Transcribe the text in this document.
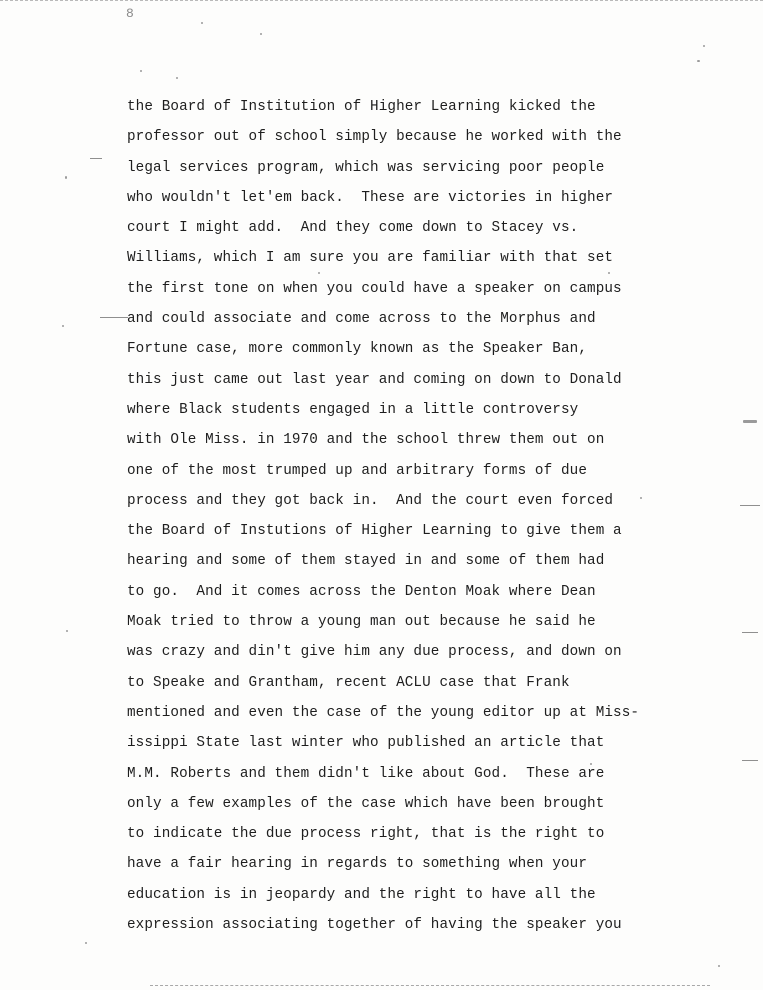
8
the Board of Institution of Higher Learning kicked the
professor out of school simply because he worked with the
legal services program, which was servicing poor people
who wouldn't let'em back.  These are victories in higher
court I might add.  And they come down to Stacey vs.
Williams, which I am sure you are familiar with that set
the first tone on when you could have a speaker on campus
and could associate and come across to the Morphus and
Fortune case, more commonly known as the Speaker Ban,
this just came out last year and coming on down to Donald
where Black students engaged in a little controversy
with Ole Miss. in 1970 and the school threw them out on
one of the most trumped up and arbitrary forms of due
process and they got back in.  And the court even forced
the Board of Instutions of Higher Learning to give them a
hearing and some of them stayed in and some of them had
to go.  And it comes across the Denton Moak where Dean
Moak tried to throw a young man out because he said he
was crazy and din't give him any due process, and down on
to Speake and Grantham, recent ACLU case that Frank
mentioned and even the case of the young editor up at Miss-
issippi State last winter who published an article that
M.M. Roberts and them didn't like about God.  These are
only a few examples of the case which have been brought
to indicate the due process right, that is the right to
have a fair hearing in regards to something when your
education is in jeopardy and the right to have all the
expression associating together of having the speaker you
